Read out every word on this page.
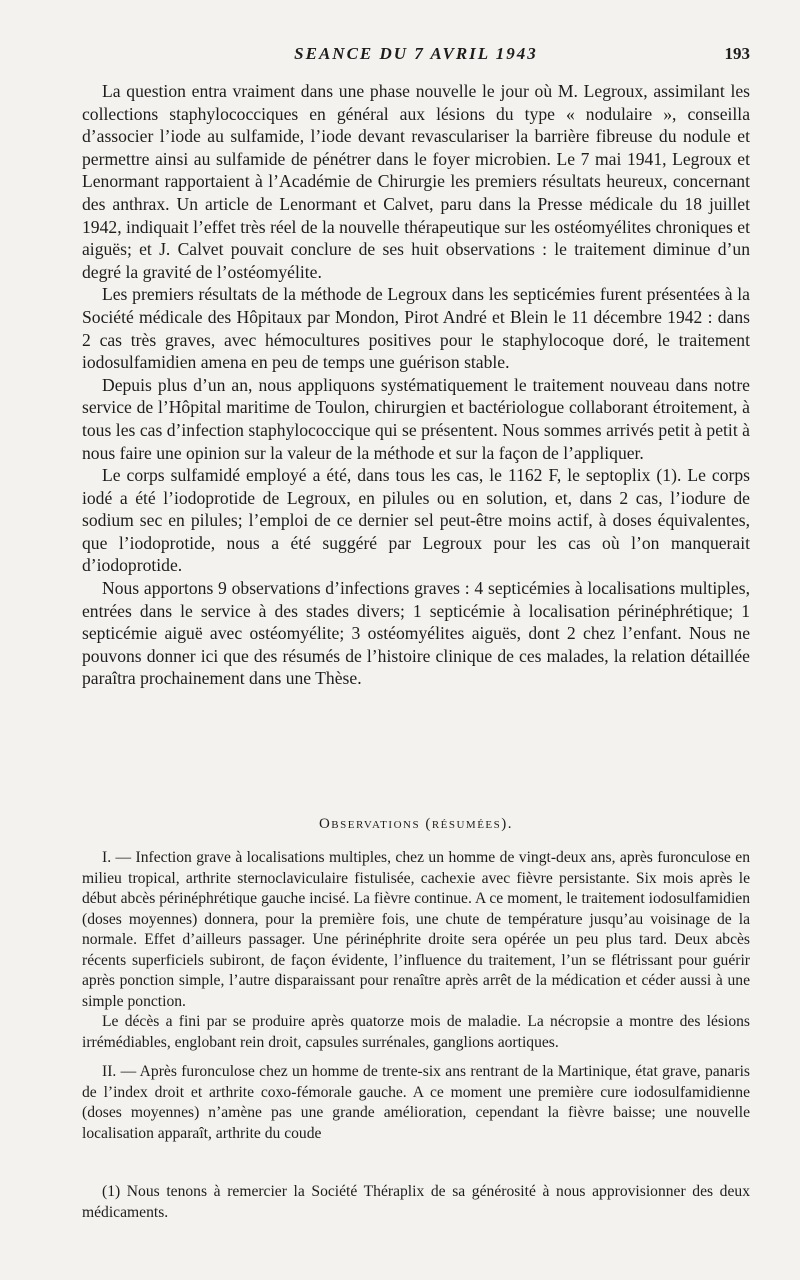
SEANCE DU 7 AVRIL 1943	193

La question entra vraiment dans une phase nouvelle le jour où M. Legroux, assimilant les collections staphylococciques en général aux lésions du type « nodulaire », conseilla d’associer l’iode au sulfamide, l’iode devant revasculariser la barrière fibreuse du nodule et permettre ainsi au sulfamide de pénétrer dans le foyer microbien. Le 7 mai 1941, Legroux et Lenormant rapportaient à l’Académie de Chirurgie les premiers résultats heureux, concernant des anthrax. Un article de Lenormant et Calvet, paru dans la Presse médicale du 18 juillet 1942, indiquait l’effet très réel de la nouvelle thérapeutique sur les ostéomyélites chroniques et aiguës; et J. Calvet pouvait conclure de ses huit observations : le traitement diminue d’un degré la gravité de l’ostéomyélite.

Les premiers résultats de la méthode de Legroux dans les septicémies furent présentées à la Société médicale des Hôpitaux par Mondon, Pirot André et Blein le 11 décembre 1942 : dans 2 cas très graves, avec hémocultures positives pour le staphylocoque doré, le traitement iodosulfamidien amena en peu de temps une guérison stable.

Depuis plus d’un an, nous appliquons systématiquement le traitement nouveau dans notre service de l’Hôpital maritime de Toulon, chirurgien et bactériologue collaborant étroitement, à tous les cas d’infection staphylococcique qui se présentent. Nous sommes arrivés petit à petit à nous faire une opinion sur la valeur de la méthode et sur la façon de l’appliquer.

Le corps sulfamidé employé a été, dans tous les cas, le 1162 F, le septoplix (1). Le corps iodé a été l’iodoprotide de Legroux, en pilules ou en solution, et, dans 2 cas, l’iodure de sodium sec en pilules; l’emploi de ce dernier sel peut-être moins actif, à doses équivalentes, que l’iodoprotide, nous a été suggéré par Legroux pour les cas où l’on manquerait d’iodoprotide.

Nous apportons 9 observations d’infections graves : 4 septicémies à localisations multiples, entrées dans le service à des stades divers; 1 septicémie à localisation périnéphrétique; 1 septicémie aiguë avec ostéomyélite; 3 ostéomyélites aiguës, dont 2 chez l’enfant. Nous ne pouvons donner ici que des résumés de l’histoire clinique de ces malades, la relation détaillée paraîtra prochainement dans une Thèse.

Observations (résumées).

I. — Infection grave à localisations multiples, chez un homme de vingt-deux ans, après furonculose en milieu tropical, arthrite sternoclaviculaire fistulisée, cachexie avec fièvre persistante. Six mois après le début abcès périnéphrétique gauche incisé. La fièvre continue. A ce moment, le traitement iodosulfamidien (doses moyennes) donnera, pour la première fois, une chute de température jusqu’au voisinage de la normale. Effet d’ailleurs passager. Une périnéphrite droite sera opérée un peu plus tard. Deux abcès récents superficiels subiront, de façon évidente, l’influence du traitement, l’un se flétrissant pour guérir après ponction simple, l’autre disparaissant pour renaître après arrêt de la médication et céder aussi à une simple ponction.

Le décès a fini par se produire après quatorze mois de maladie. La nécropsie a montre des lésions irrémédiables, englobant rein droit, capsules surrénales, ganglions aortiques.

II. — Après furonculose chez un homme de trente-six ans rentrant de la Martinique, état grave, panaris de l’index droit et arthrite coxo-fémorale gauche. A ce moment une première cure iodosulfamidienne (doses moyennes) n’amène pas une grande amélioration, cependant la fièvre baisse; une nouvelle localisation apparaît, arthrite du coude

(1) Nous tenons à remercier la Société Théraplix de sa générosité à nous approvisionner des deux médicaments.
